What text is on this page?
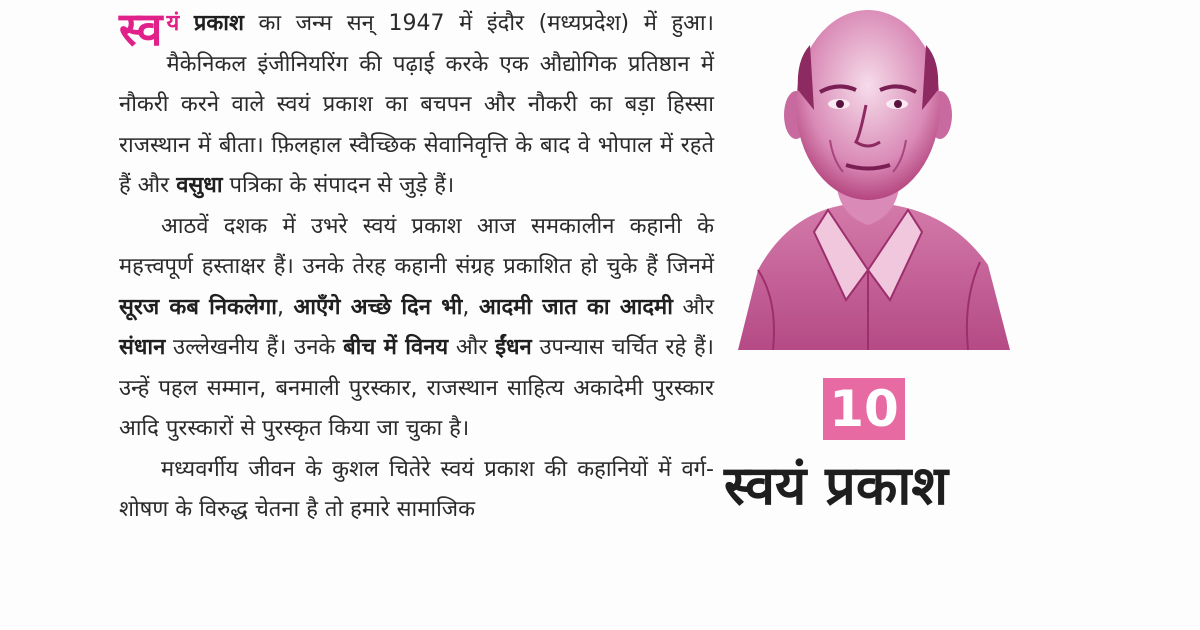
स्व यं प्रकाश का जन्म सन् 1947 में इंदौर (मध्यप्रदेश) में हुआ। मैकेनिकल इंजीनियरिंग की पढ़ाई करके एक औद्योगिक प्रतिष्ठान में नौकरी करने वाले स्वयं प्रकाश का बचपन और नौकरी का बड़ा हिस्सा राजस्थान में बीता। फ़िलहाल स्वैच्छिक सेवानिवृत्ति के बाद वे भोपाल में रहते हैं और वसुधा पत्रिका के संपादन से जुड़े हैं।

आठवें दशक में उभरे स्वयं प्रकाश आज समकालीन कहानी के महत्त्वपूर्ण हस्ताक्षर हैं। उनके तेरह कहानी संग्रह प्रकाशित हो चुके हैं जिनमें सूरज कब निकलेगा, आएँगे अच्छे दिन भी, आदमी जात का आदमी और संधान उल्लेखनीय हैं। उनके बीच में विनय और ईंधन उपन्यास चर्चित रहे हैं। उन्हें पहल सम्मान, बनमाली पुरस्कार, राजस्थान साहित्य अकादेमी पुरस्कार आदि पुरस्कारों से पुरस्कृत किया जा चुका है।

मध्यवर्गीय जीवन के कुशल चितेरे स्वयं प्रकाश की कहानियों में वर्ग-शोषण के विरुद्ध चेतना है तो हमारे सामाजिक

10
स्वयं प्रकाश
